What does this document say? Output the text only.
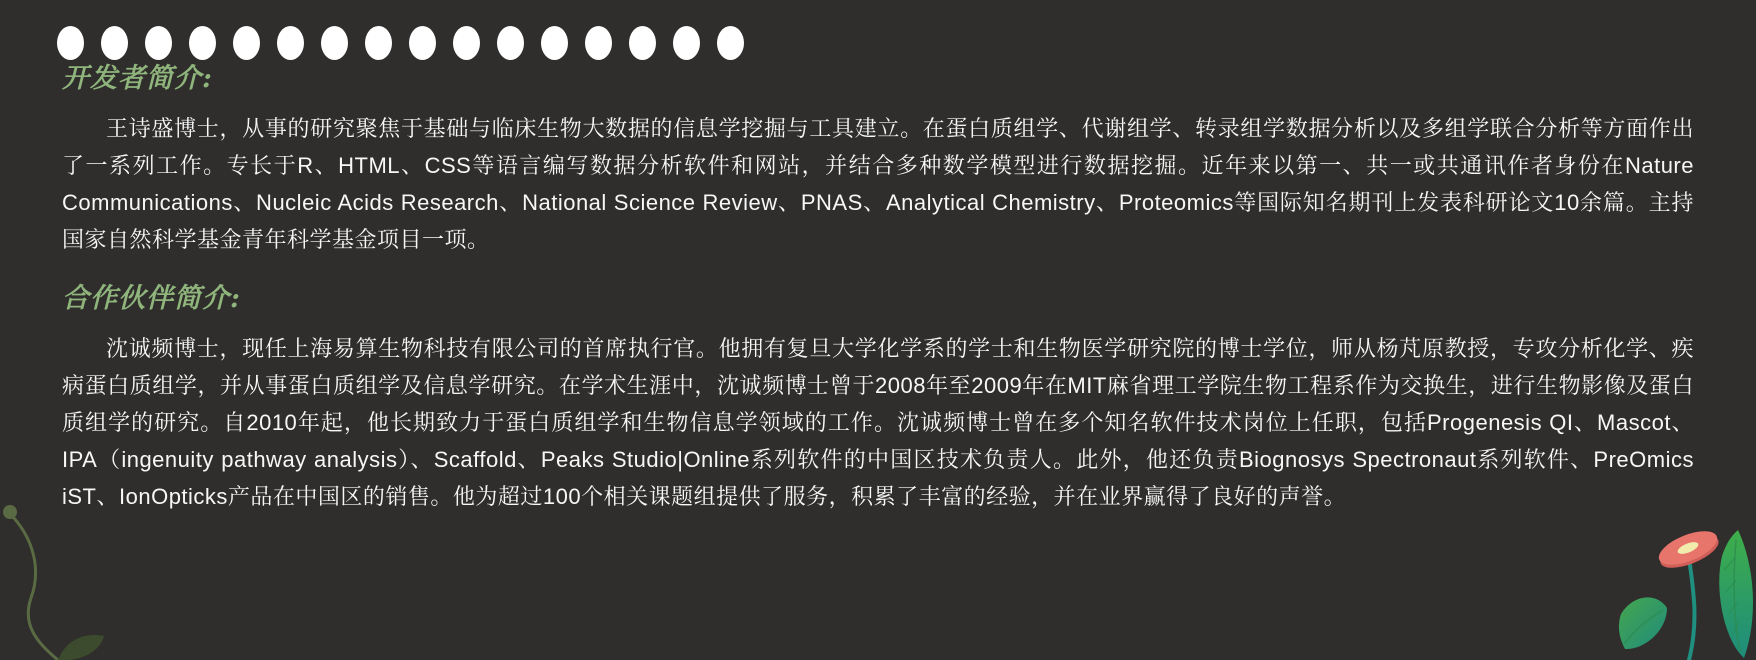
开发者简介:

王诗盛博士，从事的研究聚焦于基础与临床生物大数据的信息学挖掘与工具建立。在蛋白质组学、代谢组学、转录组学数据分析以及多组学联合分析等方面作出了一系列工作。专长于R、HTML、CSS等语言编写数据分析软件和网站，并结合多种数学模型进行数据挖掘。近年来以第一、共一或共通讯作者身份在Nature Communications、Nucleic Acids Research、National Science Review、PNAS、Analytical Chemistry、Proteomics等国际知名期刊上发表科研论文10余篇。主持国家自然科学基金青年科学基金项目一项。

合作伙伴简介:

沈诚频博士，现任上海易算生物科技有限公司的首席执行官。他拥有复旦大学化学系的学士和生物医学研究院的博士学位，师从杨芃原教授，专攻分析化学、疾病蛋白质组学，并从事蛋白质组学及信息学研究。在学术生涯中，沈诚频博士曾于2008年至2009年在MIT麻省理工学院生物工程系作为交换生，进行生物影像及蛋白质组学的研究。自2010年起，他长期致力于蛋白质组学和生物信息学领域的工作。沈诚频博士曾在多个知名软件技术岗位上任职，包括Progenesis QI、Mascot、IPA（ingenuity pathway analysis）、Scaffold、Peaks Studio|Online系列软件的中国区技术负责人。此外，他还负责Biognosys Spectronaut系列软件、PreOmics iST、IonOpticks产品在中国区的销售。他为超过100个相关课题组提供了服务，积累了丰富的经验，并在业界赢得了良好的声誉。
